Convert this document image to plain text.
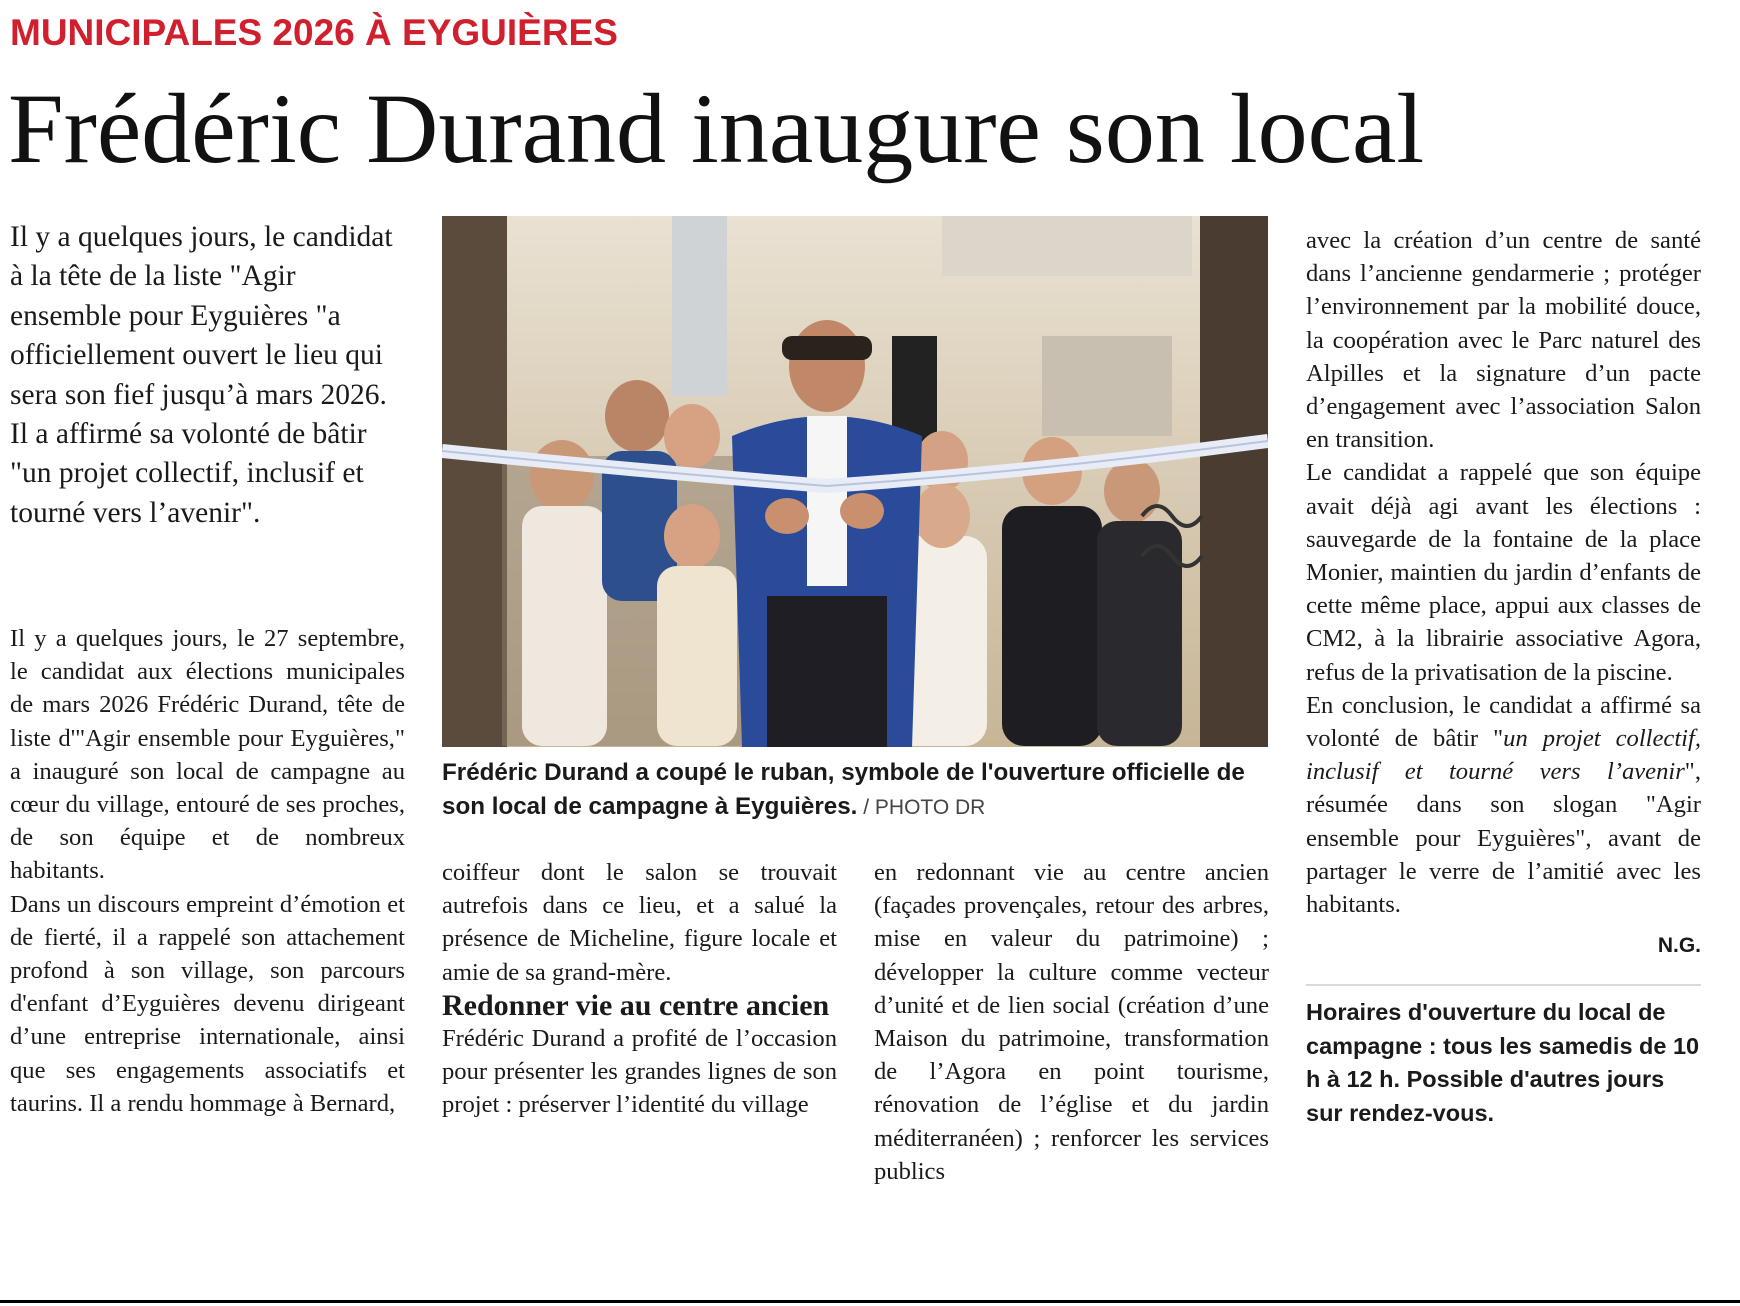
MUNICIPALES 2026 À EYGUIÈRES
Frédéric Durand inaugure son local
Il y a quelques jours, le candidat à la tête de la liste "Agir ensemble pour Eyguières "a officiellement ouvert le lieu qui sera son fief jusqu’à mars 2026. Il a affirmé sa volonté de bâtir "un projet collectif, inclusif et tourné vers l’avenir".

Il y a quelques jours, le 27 septembre, le candidat aux élections municipales de mars 2026 Frédéric Durand, tête de liste d'"Agir ensemble pour Eyguières," a inauguré son local de campagne au cœur du village, entouré de ses proches, de son équipe et de nombreux habitants.

Dans un discours empreint d’émotion et de fierté, il a rappelé son attachement profond à son village, son parcours d'enfant d’Eyguières devenu dirigeant d’une entreprise internationale, ainsi que ses engagements associatifs et taurins. Il a rendu hommage à Bernard,

Frédéric Durand a coupé le ruban, symbole de l'ouverture officielle de son local de campagne à Eyguières. / PHOTO DR

coiffeur dont le salon se trouvait autrefois dans ce lieu, et a salué la présence de Micheline, figure locale et amie de sa grand-mère.

Redonner vie au centre ancien

Frédéric Durand a profité de l’occasion pour présenter les grandes lignes de son projet : préserver l’identité du village

en redonnant vie au centre ancien (façades provençales, retour des arbres, mise en valeur du patrimoine) ; développer la culture comme vecteur d’unité et de lien social (création d’une Maison du patrimoine, transformation de l’Agora en point tourisme, rénovation de l’église et du jardin méditerranéen) ; renforcer les services publics

avec la création d’un centre de santé dans l’ancienne gendarmerie ; protéger l’environnement par la mobilité douce, la coopération avec le Parc naturel des Alpilles et la signature d’un pacte d’engagement avec l’association Salon en transition.

Le candidat a rappelé que son équipe avait déjà agi avant les élections : sauvegarde de la fontaine de la place Monier, maintien du jardin d’enfants de cette même place, appui aux classes de CM2, à la librairie associative Agora, refus de la privatisation de la piscine.

En conclusion, le candidat a affirmé sa volonté de bâtir "un projet collectif, inclusif et tourné vers l’avenir", résumée dans son slogan "Agir ensemble pour Eyguières", avant de partager le verre de l’amitié avec les habitants.

N.G.
Horaires d'ouverture du local de campagne : tous les samedis de 10 h à 12 h. Possible d'autres jours sur rendez-vous.
